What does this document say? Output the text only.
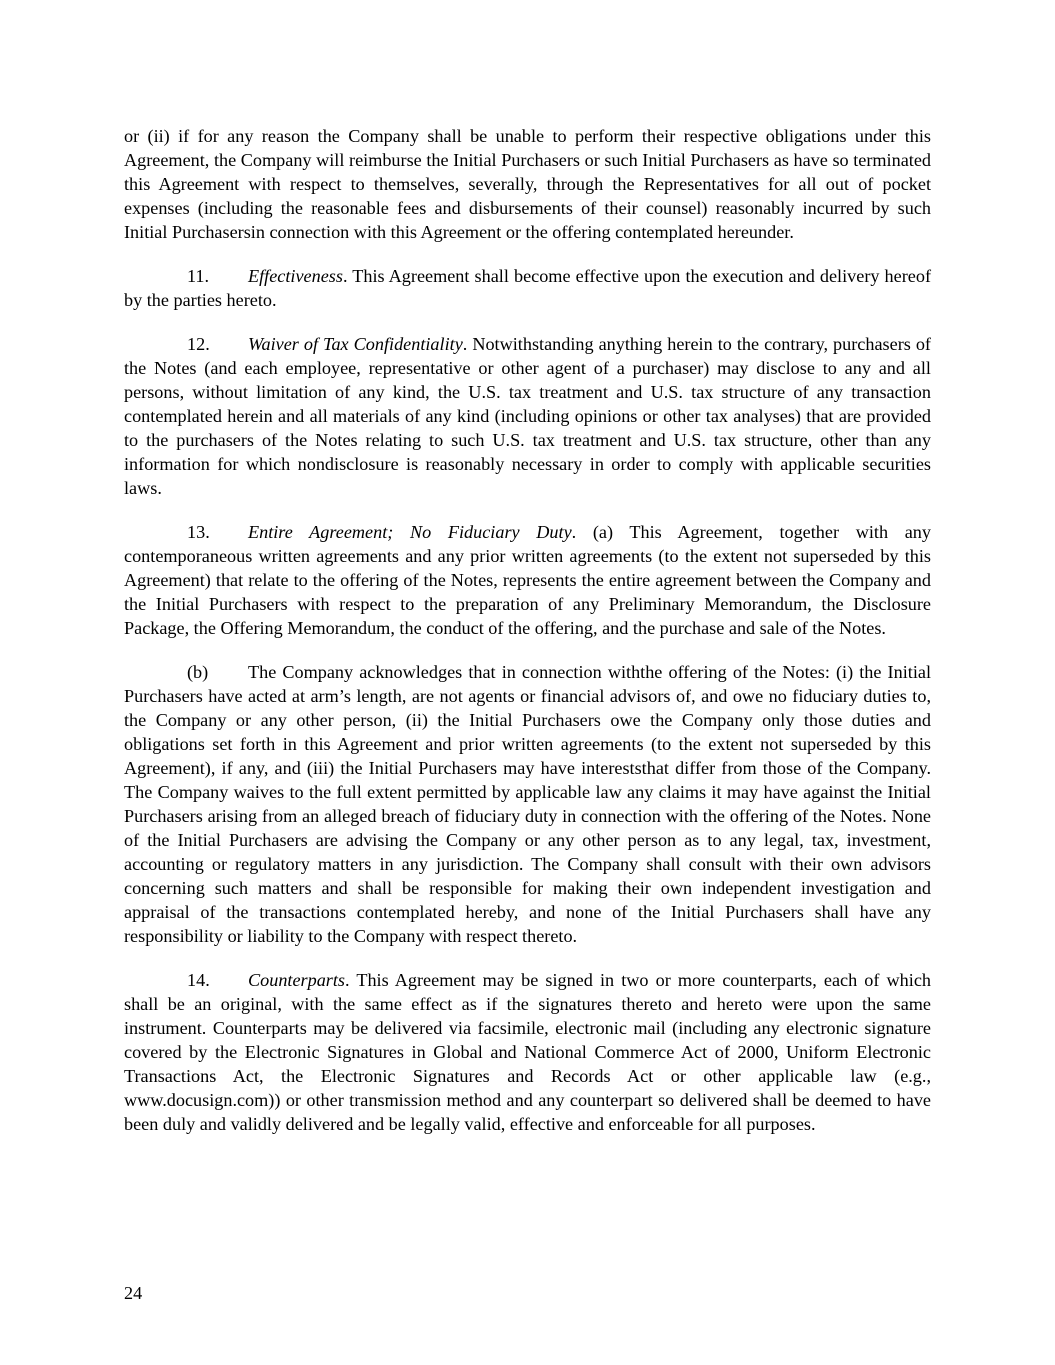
or (ii) if for any reason the Company shall be unable to perform their respective obligations under this Agreement, the Company will reimburse the Initial Purchasers or such Initial Purchasers as have so terminated this Agreement with respect to themselves, severally, through the Representatives for all out of pocket expenses (including the reasonable fees and disbursements of their counsel) reasonably incurred by such Initial Purchasersin connection with this Agreement or the offering contemplated hereunder.

11. Effectiveness. This Agreement shall become effective upon the execution and delivery hereof by the parties hereto.

12. Waiver of Tax Confidentiality. Notwithstanding anything herein to the contrary, purchasers of the Notes (and each employee, representative or other agent of a purchaser) may disclose to any and all persons, without limitation of any kind, the U.S. tax treatment and U.S. tax structure of any transaction contemplated herein and all materials of any kind (including opinions or other tax analyses) that are provided to the purchasers of the Notes relating to such U.S. tax treatment and U.S. tax structure, other than any information for which nondisclosure is reasonably necessary in order to comply with applicable securities laws.

13. Entire Agreement; No Fiduciary Duty. (a) This Agreement, together with any contemporaneous written agreements and any prior written agreements (to the extent not superseded by this Agreement) that relate to the offering of the Notes, represents the entire agreement between the Company and the Initial Purchasers with respect to the preparation of any Preliminary Memorandum, the Disclosure Package, the Offering Memorandum, the conduct of the offering, and the purchase and sale of the Notes.

(b) The Company acknowledges that in connection withthe offering of the Notes: (i) the Initial Purchasers have acted at arm’s length, are not agents or financial advisors of, and owe no fiduciary duties to, the Company or any other person, (ii) the Initial Purchasers owe the Company only those duties and obligations set forth in this Agreement and prior written agreements (to the extent not superseded by this Agreement), if any, and (iii) the Initial Purchasers may have intereststhat differ from those of the Company. The Company waives to the full extent permitted by applicable law any claims it may have against the Initial Purchasers arising from an alleged breach of fiduciary duty in connection with the offering of the Notes. None of the Initial Purchasers are advising the Company or any other person as to any legal, tax, investment, accounting or regulatory matters in any jurisdiction. The Company shall consult with their own advisors concerning such matters and shall be responsible for making their own independent investigation and appraisal of the transactions contemplated hereby, and none of the Initial Purchasers shall have any responsibility or liability to the Company with respect thereto.

14. Counterparts. This Agreement may be signed in two or more counterparts, each of which shall be an original, with the same effect as if the signatures thereto and hereto were upon the same instrument. Counterparts may be delivered via facsimile, electronic mail (including any electronic signature covered by the Electronic Signatures in Global and National Commerce Act of 2000, Uniform Electronic Transactions Act, the Electronic Signatures and Records Act or other applicable law (e.g., www.docusign.com)) or other transmission method and any counterpart so delivered shall be deemed to have been duly and validly delivered and be legally valid, effective and enforceable for all purposes.

24
